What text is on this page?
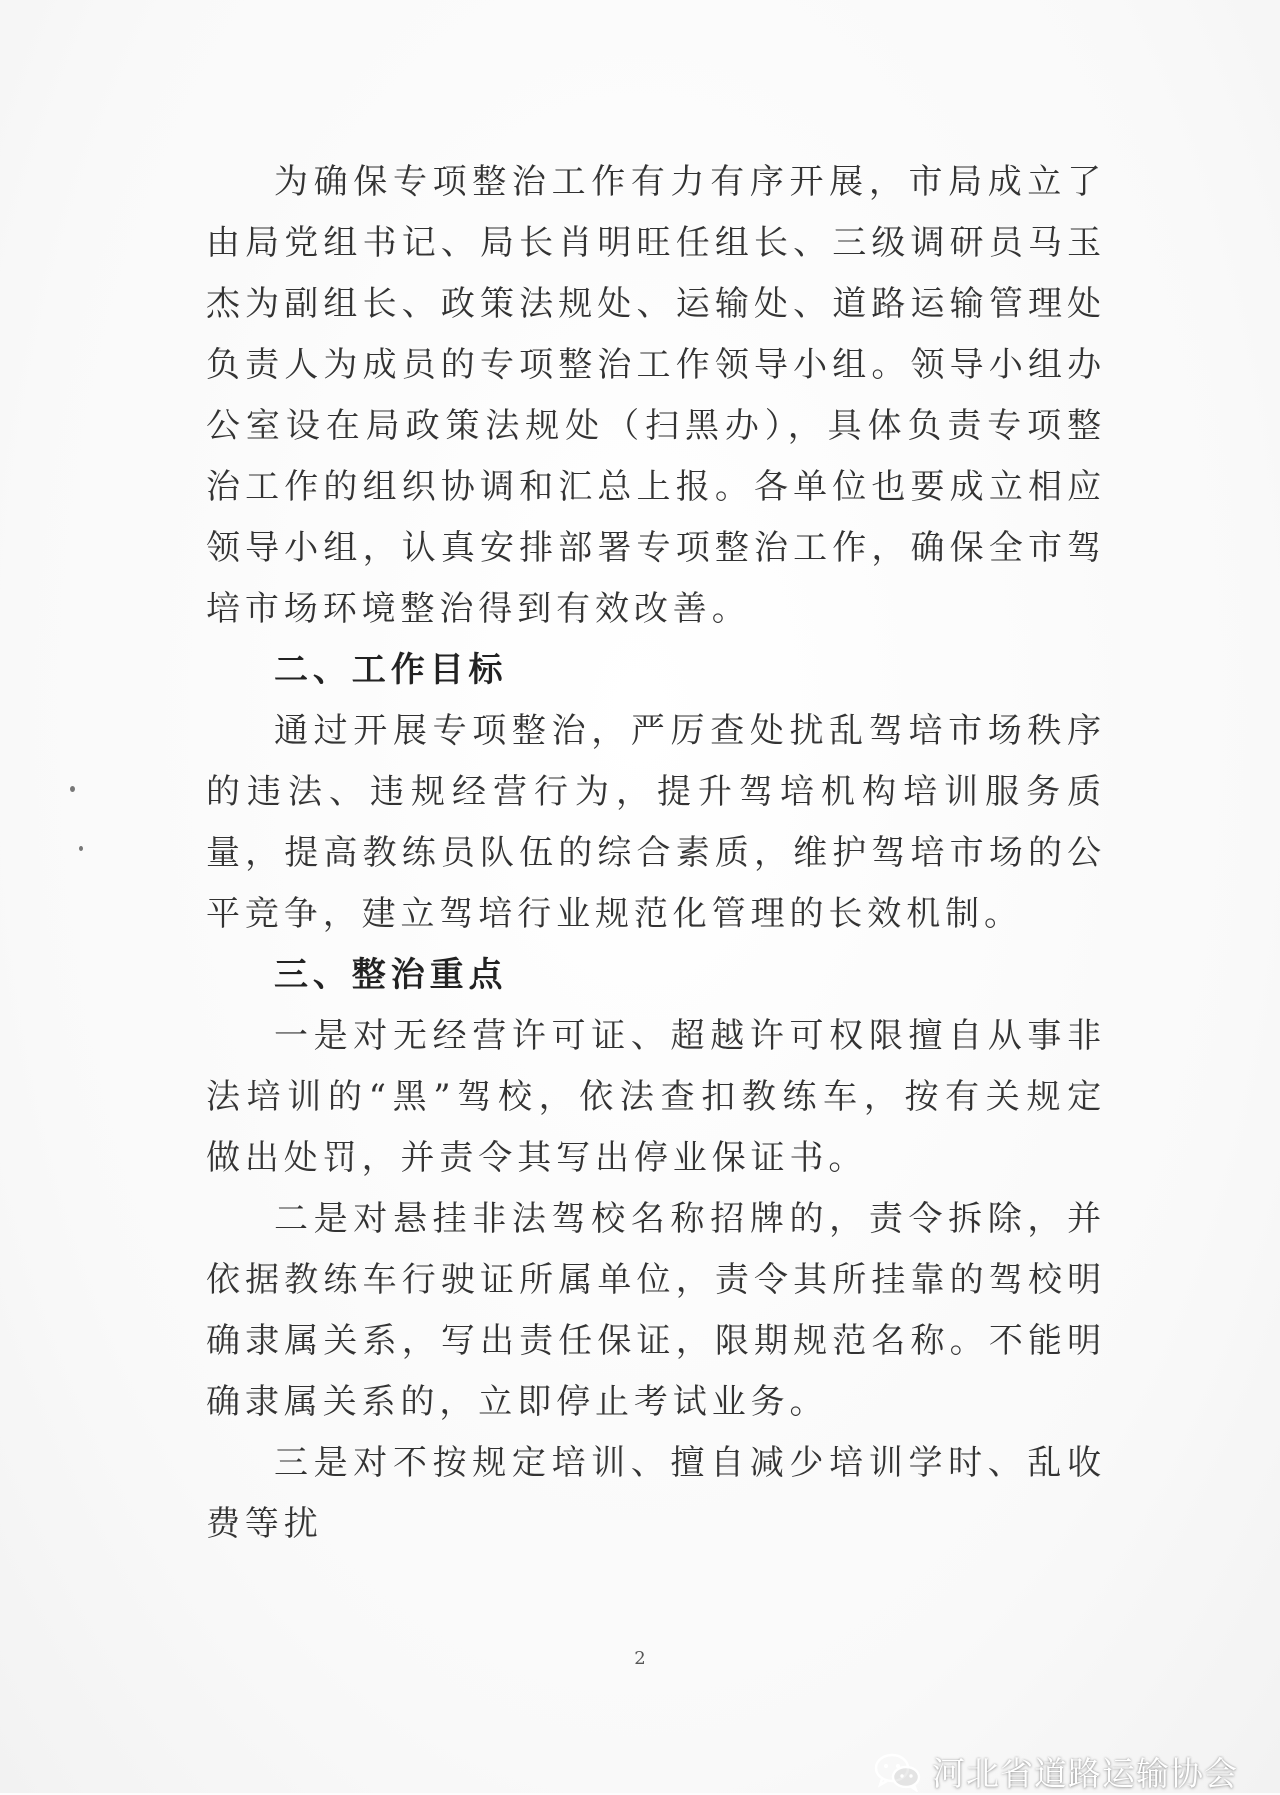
为确保专项整治工作有力有序开展，市局成立了由局党组书记、局长肖明旺任组长、三级调研员马玉杰为副组长、政策法规处、运输处、道路运输管理处负责人为成员的专项整治工作领导小组。领导小组办公室设在局政策法规处（扫黑办），具体负责专项整治工作的组织协调和汇总上报。各单位也要成立相应领导小组，认真安排部署专项整治工作，确保全市驾培市场环境整治得到有效改善。

二、工作目标

通过开展专项整治，严厉查处扰乱驾培市场秩序的违法、违规经营行为，提升驾培机构培训服务质量，提高教练员队伍的综合素质，维护驾培市场的公平竞争，建立驾培行业规范化管理的长效机制。

三、整治重点

一是对无经营许可证、超越许可权限擅自从事非法培训的“黑”驾校，依法查扣教练车，按有关规定做出处罚，并责令其写出停业保证书。

二是对悬挂非法驾校名称招牌的，责令拆除，并依据教练车行驶证所属单位，责令其所挂靠的驾校明确隶属关系，写出责任保证，限期规范名称。不能明确隶属关系的，立即停止考试业务。

三是对不按规定培训、擅自减少培训学时、乱收费等扰

2
河北省道路运输协会
